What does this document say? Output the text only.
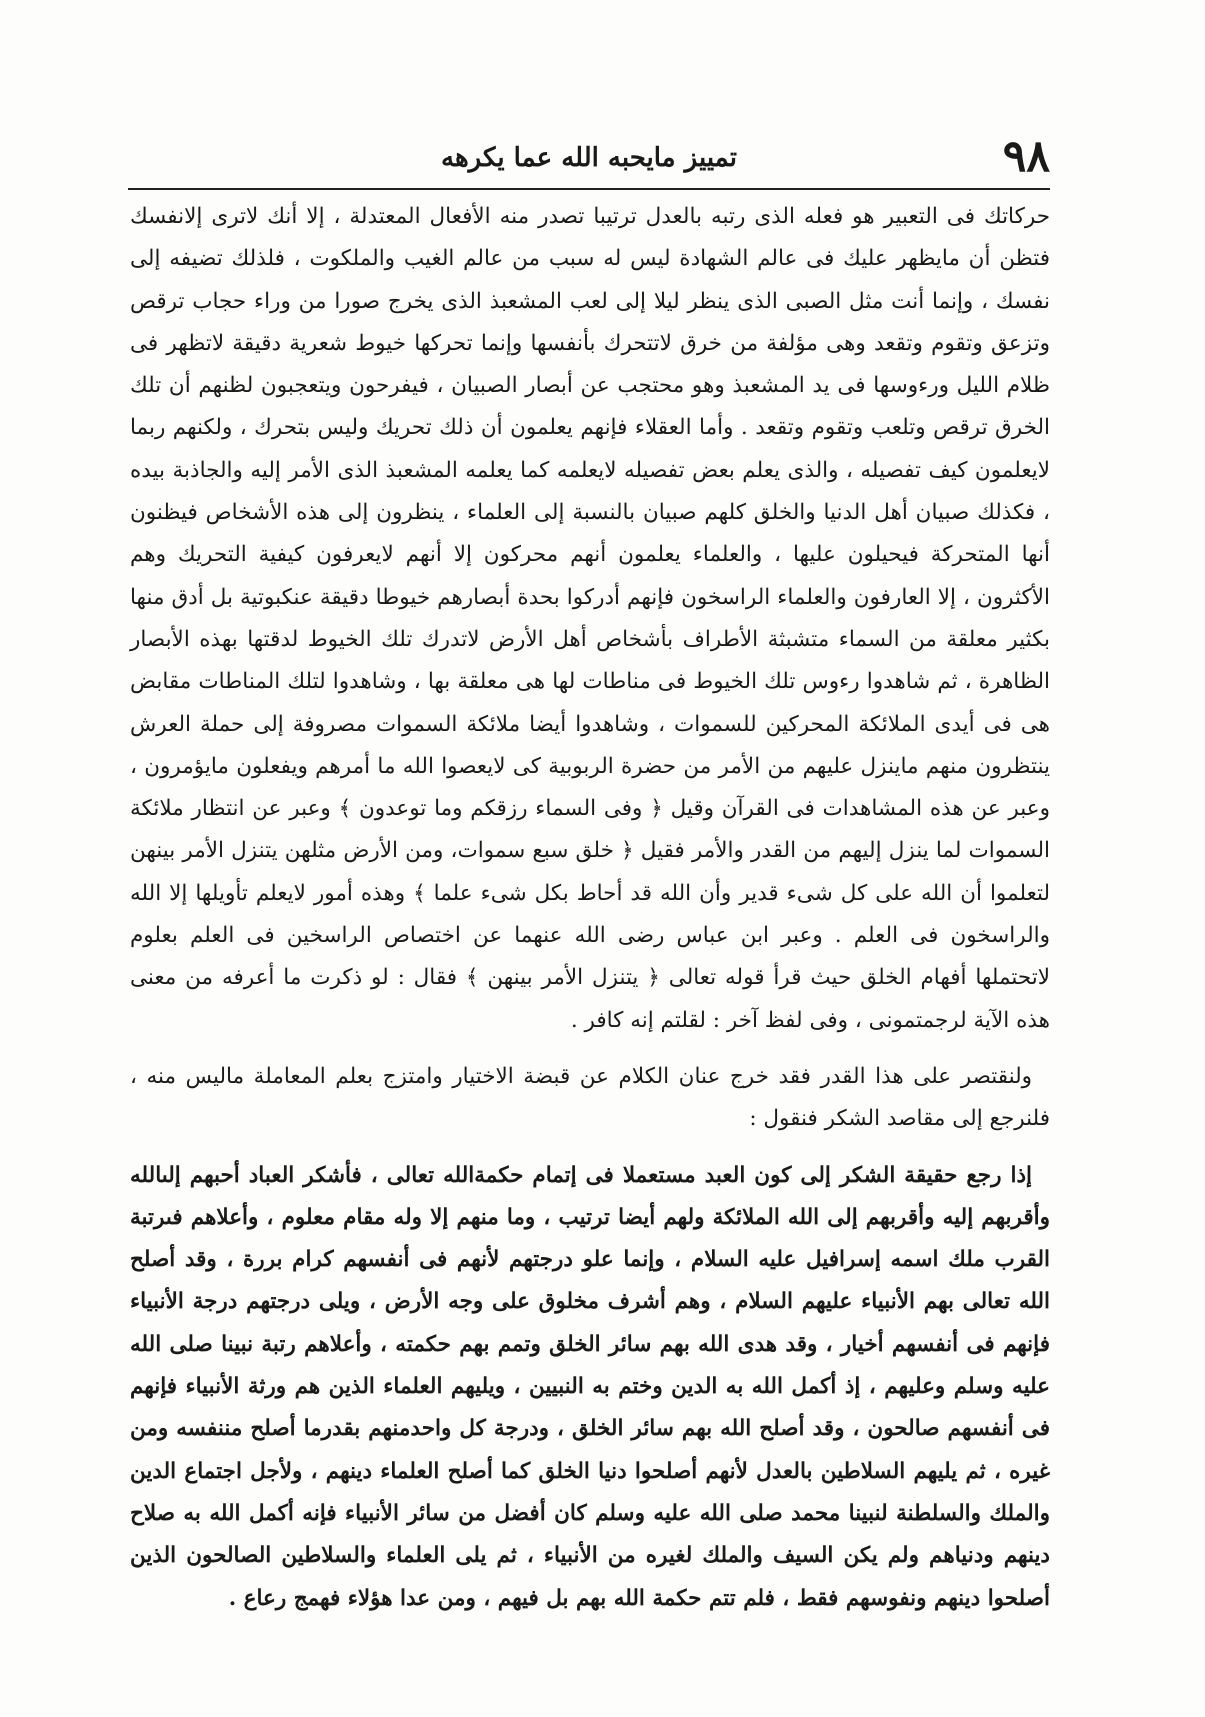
٩٨
تمييز مايحبه الله عما يكرهه

حركاتك فى التعبير هو فعله الذى رتبه بالعدل ترتيبا تصدر منه الأفعال المعتدلة ، إلا أنك لاترى إلانفسك فتظن أن مايظهر عليك فى عالم الشهادة ليس له سبب من عالم الغيب والملكوت ، فلذلك تضيفه إلى نفسك ، وإنما أنت مثل الصبى الذى ينظر ليلا إلى لعب المشعبذ الذى يخرج صورا من وراء حجاب ترقص وتزعق وتقوم وتقعد وهى مؤلفة من خرق لاتتحرك بأنفسها وإنما تحركها خيوط شعرية دقيقة لاتظهر فى ظلام الليل ورءوسها فى يد المشعبذ وهو محتجب عن أبصار الصبيان ، فيفرحون ويتعجبون لظنهم أن تلك الخرق ترقص وتلعب وتقوم وتقعد . وأما العقلاء فإنهم يعلمون أن ذلك تحريك وليس بتحرك ، ولكنهم ربما لايعلمون كيف تفصيله ، والذى يعلم بعض تفصيله لايعلمه كما يعلمه المشعبذ الذى الأمر إليه والجاذبة بيده ، فكذلك صبيان أهل الدنيا والخلق كلهم صبيان بالنسبة إلى العلماء ، ينظرون إلى هذه الأشخاص فيظنون أنها المتحركة فيحيلون عليها ، والعلماء يعلمون أنهم محركون إلا أنهم لايعرفون كيفية التحريك وهم الأكثرون ، إلا العارفون والعلماء الراسخون فإنهم أدركوا بحدة أبصارهم خيوطا دقيقة عنكبوتية بل أدق منها بكثير معلقة من السماء متشبثة الأطراف بأشخاص أهل الأرض لاتدرك تلك الخيوط لدقتها بهذه الأبصار الظاهرة ، ثم شاهدوا رءوس تلك الخيوط فى مناطات لها هى معلقة بها ، وشاهدوا لتلك المناطات مقابض هى فى أيدى الملائكة المحركين للسموات ، وشاهدوا أيضا ملائكة السموات مصروفة إلى حملة العرش ينتظرون منهم ماينزل عليهم من الأمر من حضرة الربوبية كى لايعصوا الله ما أمرهم ويفعلون مايؤمرون ، وعبر عن هذه المشاهدات فى القرآن وقيل ﴿ وفى السماء رزقكم وما توعدون ﴾ وعبر عن انتظار ملائكة السموات لما ينزل إليهم من القدر والأمر فقيل ﴿ خلق سبع سموات، ومن الأرض مثلهن يتنزل الأمر بينهن لتعلموا أن الله على كل شىء قدير وأن الله قد أحاط بكل شىء علما ﴾ وهذه أمور لايعلم تأويلها إلا الله والراسخون فى العلم . وعبر ابن عباس رضى الله عنهما عن اختصاص الراسخين فى العلم بعلوم لاتحتملها أفهام الخلق حيث قرأ قوله تعالى ﴿ يتنزل الأمر بينهن ﴾ فقال : لو ذكرت ما أعرفه من معنى هذه الآية لرجمتمونى ، وفى لفظ آخر : لقلتم إنه كافر .

ولنقتصر على هذا القدر فقد خرج عنان الكلام عن قبضة الاختيار وامتزج بعلم المعاملة ماليس منه ، فلنرجع إلى مقاصد الشكر فنقول :

إذا رجع حقيقة الشكر إلى كون العبد مستعملا فى إتمام حكمةالله تعالى ، فأشكر العباد أحبهم إلىالله وأقربهم إليه وأقربهم إلى الله الملائكة ولهم أيضا ترتيب ، وما منهم إلا وله مقام معلوم ، وأعلاهم فىرتبة القرب ملك اسمه إسرافيل عليه السلام ، وإنما علو درجتهم لأنهم فى أنفسهم كرام بررة ، وقد أصلح الله تعالى بهم الأنبياء عليهم السلام ، وهم أشرف مخلوق على وجه الأرض ، ويلى درجتهم درجة الأنبياء فإنهم فى أنفسهم أخيار ، وقد هدى الله بهم سائر الخلق وتمم بهم حكمته ، وأعلاهم رتبة نبينا صلى الله عليه وسلم وعليهم ، إذ أكمل الله به الدين وختم به النبيين ، ويليهم العلماء الذين هم ورثة الأنبياء فإنهم فى أنفسهم صالحون ، وقد أصلح الله بهم سائر الخلق ، ودرجة كل واحدمنهم بقدرما أصلح مننفسه ومن غيره ، ثم يليهم السلاطين بالعدل لأنهم أصلحوا دنيا الخلق كما أصلح العلماء دينهم ، ولأجل اجتماع الدين والملك والسلطنة لنبينا محمد صلى الله عليه وسلم كان أفضل من سائر الأنبياء فإنه أكمل الله به صلاح دينهم ودنياهم ولم يكن السيف والملك لغيره من الأنبياء ، ثم يلى العلماء والسلاطين الصالحون الذين أصلحوا دينهم ونفوسهم فقط ، فلم تتم حكمة الله بهم بل فيهم ، ومن عدا هؤلاء فهمج رعاع .
